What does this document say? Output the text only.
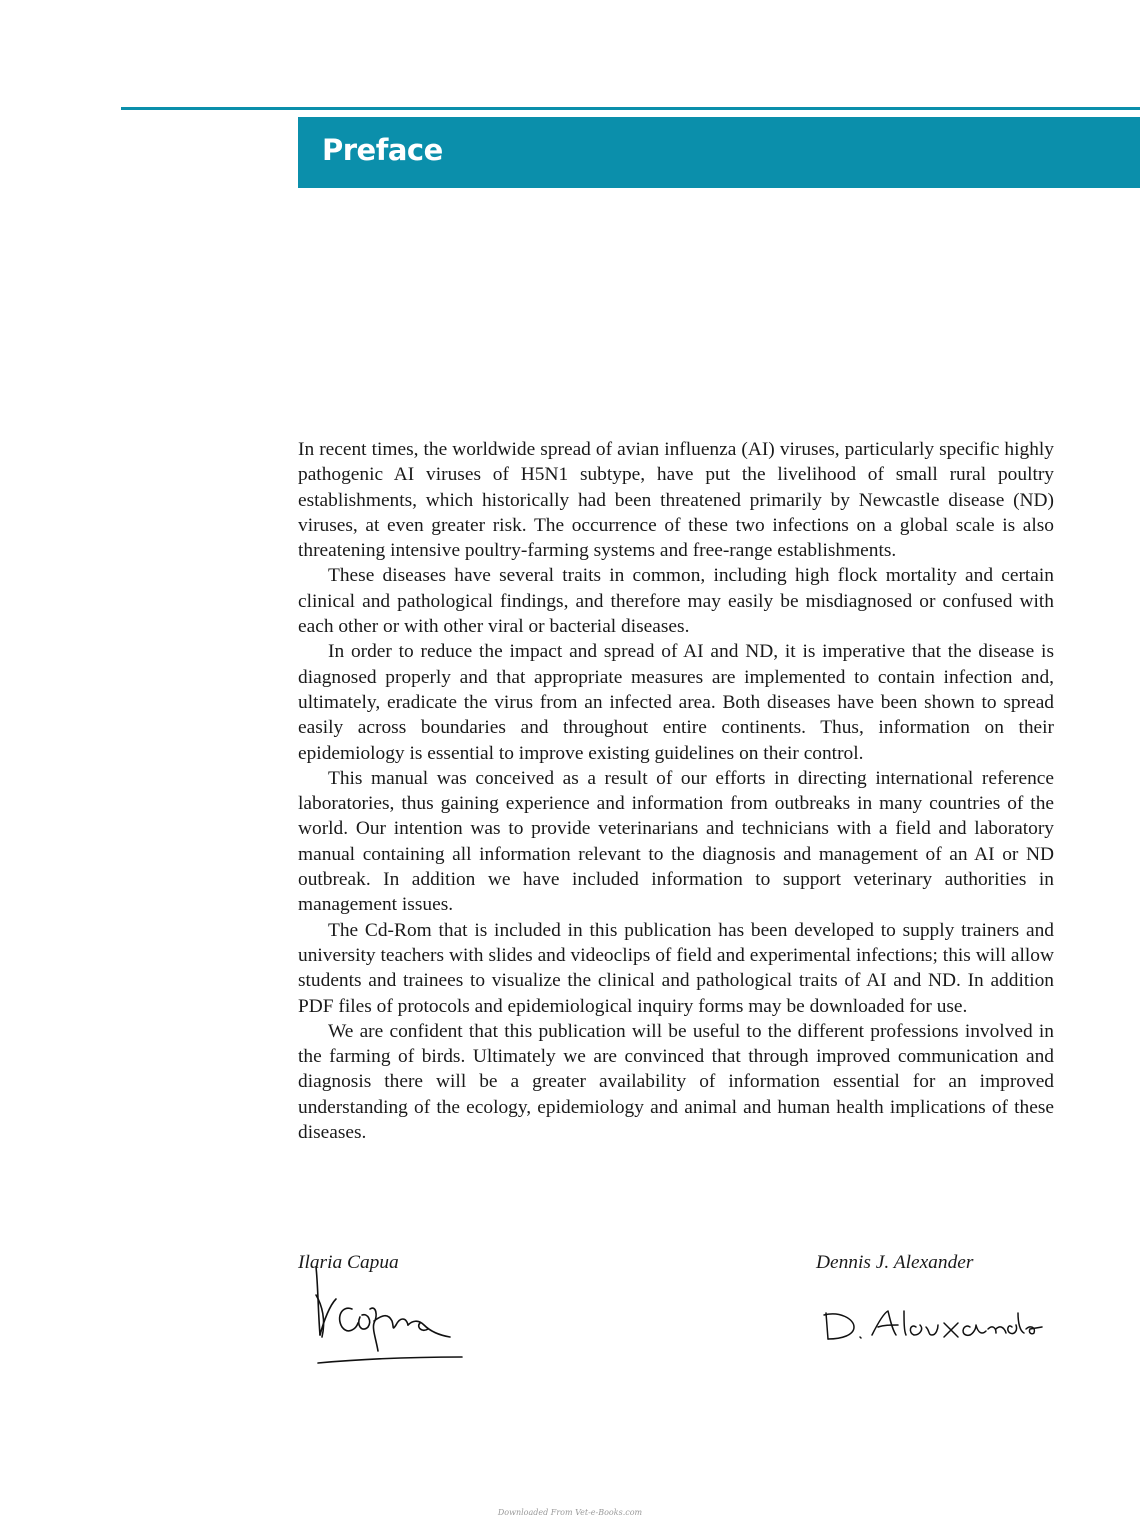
Preface

In recent times, the worldwide spread of avian influenza (AI) viruses, particularly specific highly pathogenic AI viruses of H5N1 subtype, have put the livelihood of small rural poultry establishments, which historically had been threatened primarily by Newcastle disease (ND) viruses, at even greater risk. The occurrence of these two infections on a global scale is also threatening intensive poultry-farming systems and free-range establishments.

These diseases have several traits in common, including high flock mortality and certain clinical and pathological findings, and therefore may easily be misdiagnosed or confused with each other or with other viral or bacterial diseases.

In order to reduce the impact and spread of AI and ND, it is imperative that the disease is diagnosed properly and that appropriate measures are implemented to contain infection and, ultimately, eradicate the virus from an infected area. Both diseases have been shown to spread easily across boundaries and throughout entire continents. Thus, information on their epidemiology is essential to improve existing guidelines on their control.

This manual was conceived as a result of our efforts in directing international reference laboratories, thus gaining experience and information from outbreaks in many countries of the world. Our intention was to provide veterinarians and technicians with a field and laboratory manual containing all information relevant to the diagnosis and management of an AI or ND outbreak. In addition we have included information to support veterinary authorities in management issues.

The Cd-Rom that is included in this publication has been developed to supply trainers and university teachers with slides and videoclips of field and experimental infections; this will allow students and trainees to visualize the clinical and pathological traits of AI and ND. In addition PDF files of protocols and epidemiological inquiry forms may be downloaded for use.

We are confident that this publication will be useful to the different professions involved in the farming of birds. Ultimately we are convinced that through improved communication and diagnosis there will be a greater availability of information essential for an improved understanding of the ecology, epidemiology and animal and human health implications of these diseases.

Ilaria Capua	Dennis J. Alexander
Downloaded From Vet-e-Books.com
